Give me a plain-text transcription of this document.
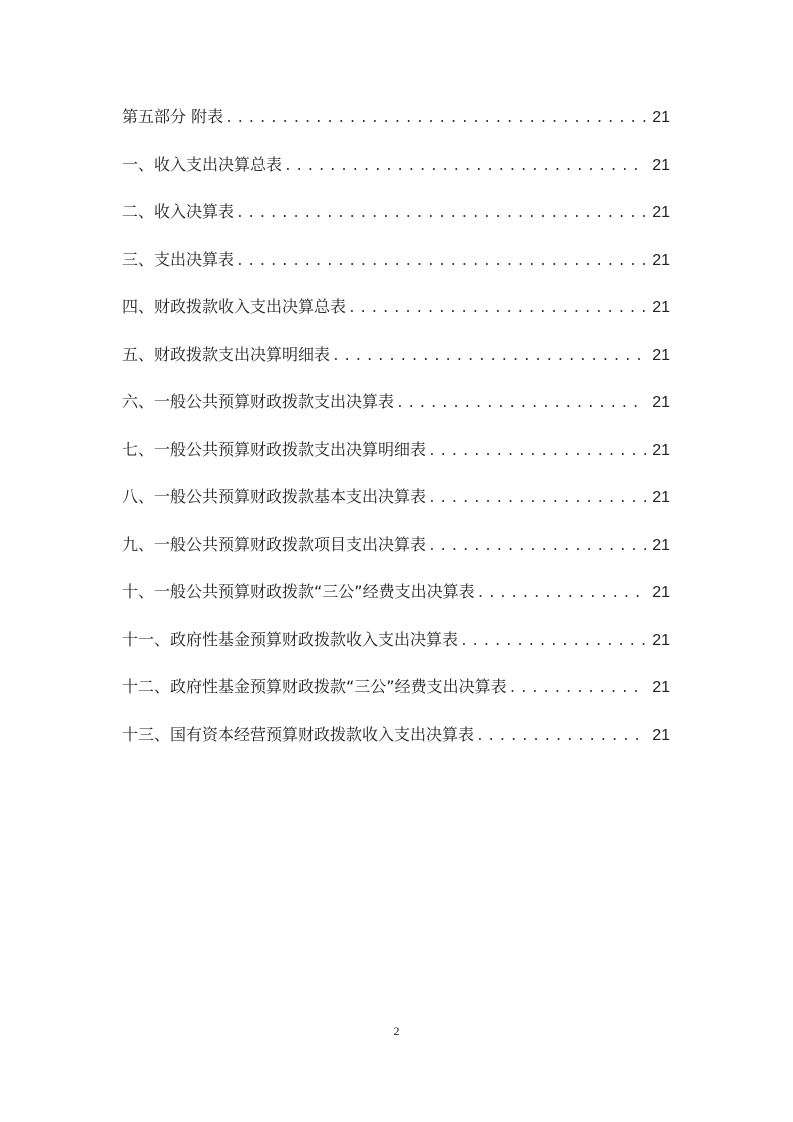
第五部分 附表 .....	21
一、收入支出决算总表 .....	21
二、收入决算表 .....	21
三、支出决算表 .....	21
四、财政拨款收入支出决算总表 .....	21
五、财政拨款支出决算明细表 .....	21
六、一般公共预算财政拨款支出决算表 .....	21
七、一般公共预算财政拨款支出决算明细表 .....	21
八、一般公共预算财政拨款基本支出决算表 .....	21
九、一般公共预算财政拨款项目支出决算表 .....	21
十、一般公共预算财政拨款“三公”经费支出决算表 .....	21
十一、政府性基金预算财政拨款收入支出决算表 .....	21
十二、政府性基金预算财政拨款“三公”经费支出决算表 .....	21
十三、国有资本经营预算财政拨款收入支出决算表 .....	21
2
